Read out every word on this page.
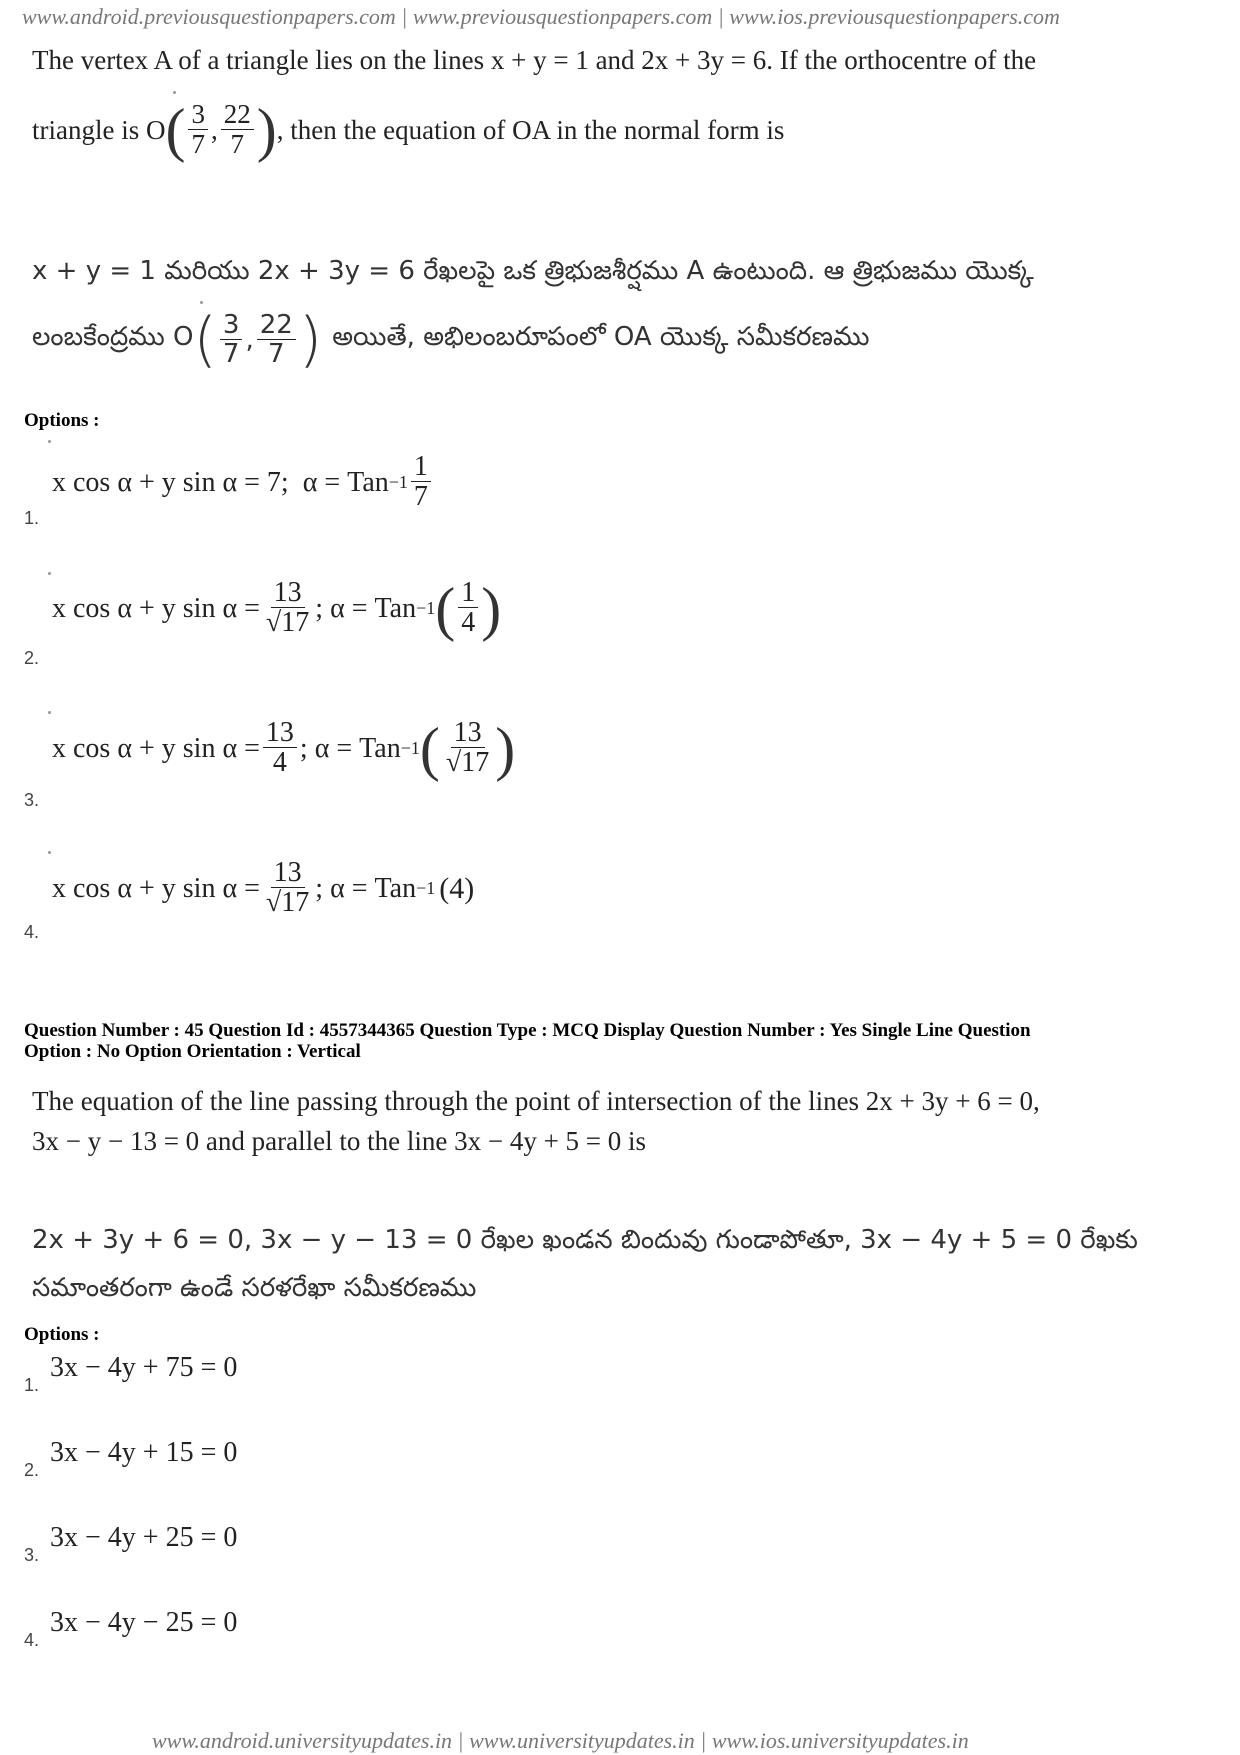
www.android.previousquestionpapers.com | www.previousquestionpapers.com | www.ios.previousquestionpapers.com
www.android.universityupdates.in | www.universityupdates.in | www.ios.universityupdates.in
The vertex A of a triangle lies on the lines x + y = 1 and 2x + 3y = 6. If the orthocentre of the
triangle is O ( $\frac{3}{7}$ , $\frac{22}{7}$ ) , then the equation of OA in the normal form is
x + y = 1 మరియు 2x + 3y = 6 రేఖలపై ఒక త్రిభుజశీర్షము A ఉంటుంది. ఆ త్రిభుజము యొక్క
లంబకేంద్రము O ( $\frac{3}{7}$ , $\frac{22}{7}$ ) అయితే, అభిలంబరూపంలో OA యొక్క సమీకరణము
Options :
1.
x cos α + y sin α = 7; α = Tan $-1 \frac{1}{7}$
2.
x cos α + y $\sin \alpha = \frac{13}{√17}$ ; α = Tan −1 ( $\frac{1}{4}$ )
3.
x cos α + y $\sin \alpha = \frac{13}{4}$ ; α = Tan −1 ( $\frac{13}{√17}$ )
4.
x cos α + y $\sin \alpha = \frac{13}{√17}$ ; α = Tan −1 (4)
Question Number : 45 Question Id : 4557344365 Question Type : MCQ Display Question Number : Yes Single Line Question
Option : No Option Orientation : Vertical
The equation of the line passing through the point of intersection of the lines 2x + 3y + 6 = 0,
3x − y − 13 = 0 and parallel to the line 3x − 4y + 5 = 0 is
2x + 3y + 6 = 0, 3x − y − 13 = 0 రేఖల ఖండన బిందువు గుండాపోతూ, 3x − 4y + 5 = 0 రేఖకు
సమాంతరంగా ఉండే సరళరేఖా సమీకరణము
Options :
1.
3x − 4y + 75 = 0
2.
3x − 4y + 15 = 0
3.
3x − 4y + 25 = 0
4.
3x − 4y − 25 = 0
